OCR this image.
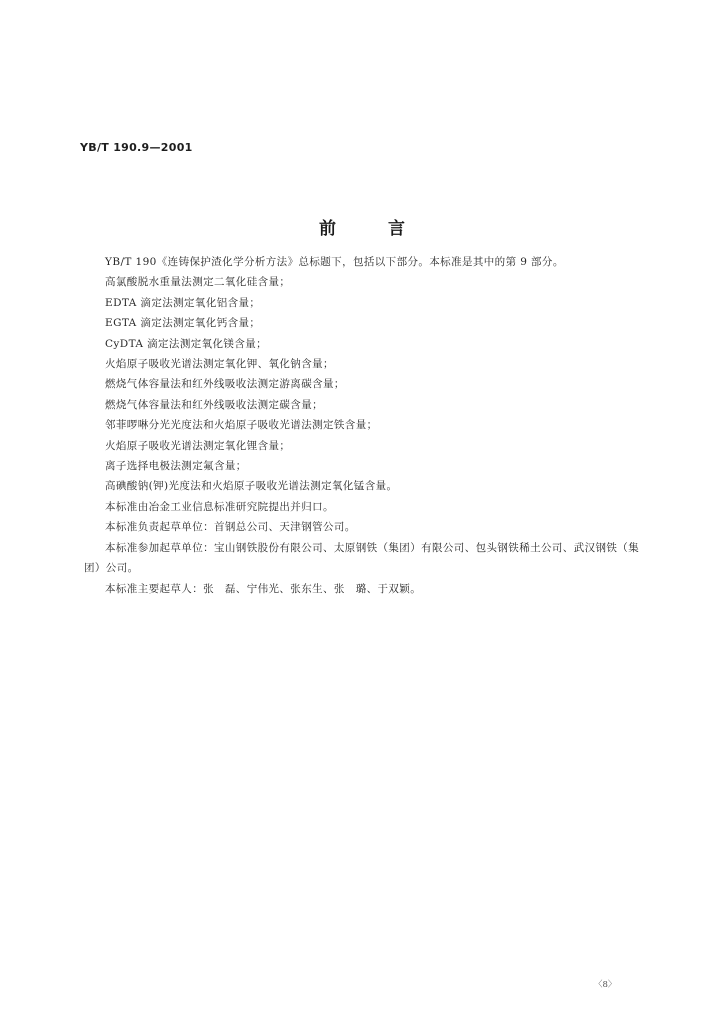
YB/T 190.9—2001
前言

YB/T 190《连铸保护渣化学分析方法》总标题下，包括以下部分。本标准是其中的第 9 部分。

高氯酸脱水重量法测定二氧化硅含量；

EDTA 滴定法测定氧化铝含量；

EGTA 滴定法测定氧化钙含量；

CyDTA 滴定法测定氧化镁含量；

火焰原子吸收光谱法测定氧化钾、氧化钠含量；

燃烧气体容量法和红外线吸收法测定游离碳含量；

燃烧气体容量法和红外线吸收法测定碳含量；

邻菲啰啉分光光度法和火焰原子吸收光谱法测定铁含量；

火焰原子吸收光谱法测定氧化锂含量；

离子选择电极法测定氟含量；

高碘酸钠(钾)光度法和火焰原子吸收光谱法测定氧化锰含量。

本标准由冶金工业信息标准研究院提出并归口。

本标准负责起草单位：首钢总公司、天津钢管公司。

本标准参加起草单位：宝山钢铁股份有限公司、太原钢铁（集团）有限公司、包头钢铁稀土公司、武汉钢铁（集团）公司。

本标准主要起草人：张　磊、宁伟光、张东生、张　璐、于双颖。

〈8〉
